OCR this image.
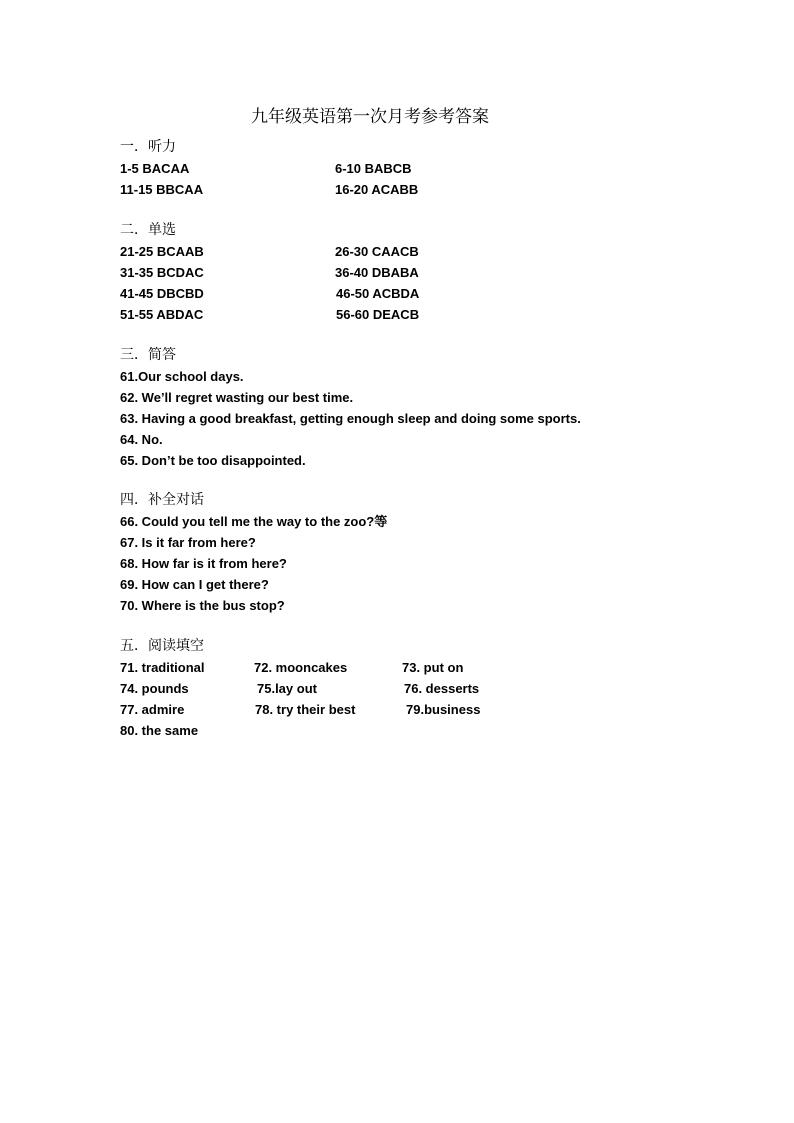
九年级英语第一次月考参考答案
一．听力
1-5 BACAA	6-10 BABCB
11-15 BBCAA	16-20 ACABB
二．单选
21-25 BCAAB	26-30 CAACB
31-35 BCDAC	36-40 DBABA
41-45 DBCBD	46-50 ACBDA
51-55 ABDAC	56-60 DEACB
三．简答
61.Our school days.
62. We’ll regret wasting our best time.
63. Having a good breakfast, getting enough sleep and doing some sports.
64. No.
65. Don’t be too disappointed.
四．补全对话
66. Could you tell me the way to the zoo?等
67. Is it far from here?
68. How far is it from here?
69. How can I get there?
70. Where is the bus stop?
五．阅读填空
71. traditional	72. mooncakes	73. put on
74. pounds	75.lay out	76. desserts
77. admire	78. try their best	79.business
80. the same
